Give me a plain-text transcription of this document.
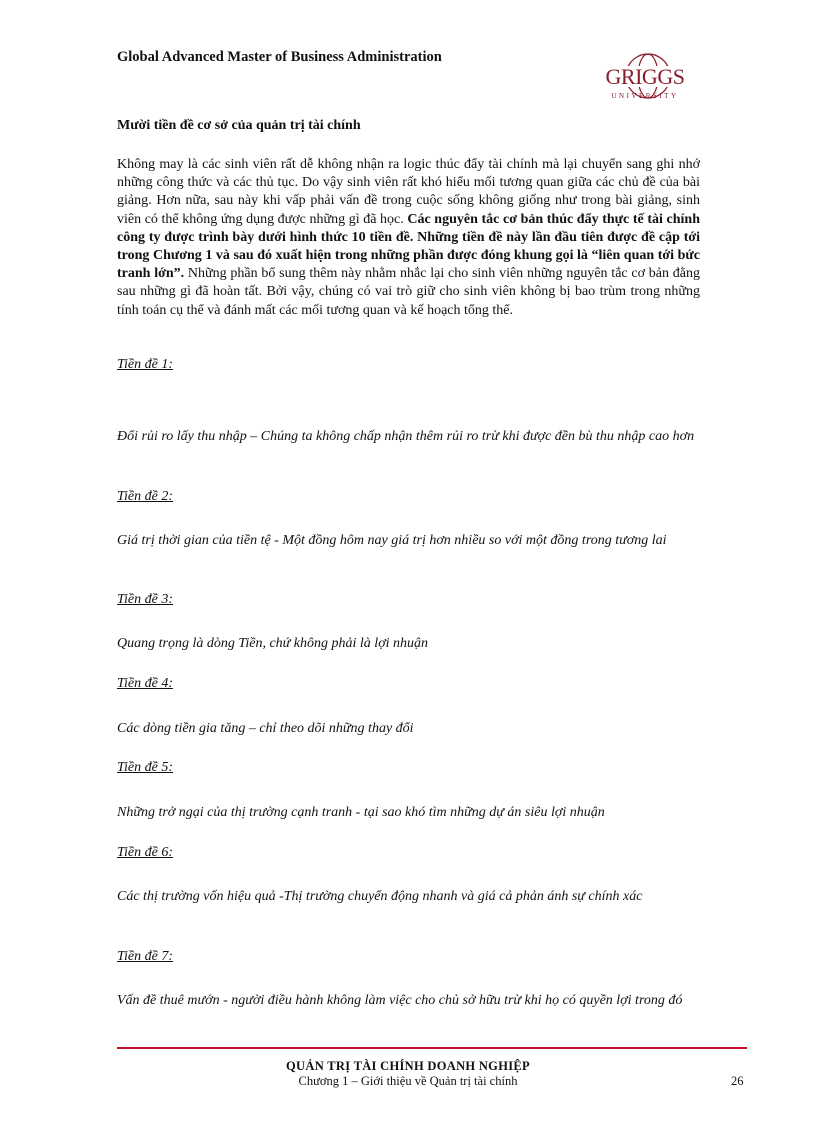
Global Advanced Master of Business Administration
GRIGGS
UNIVERSITY
Mười tiền đề cơ sở của quản trị tài chính

Không may là các sinh viên rất dễ không nhận ra logic thúc đẩy tài chính mà lại chuyển sang ghi nhớ những công thức và các thủ tục. Do vậy sinh viên rất khó hiểu mối tương quan giữa các chủ đề của bài giảng. Hơn nữa, sau này khi vấp phải vấn đề trong cuộc sống không giống như trong bài giảng, sinh viên có thể không ứng dụng được những gì đã học. Các nguyên tắc cơ bản thúc đẩy thực tế tài chính công ty được trình bày dưới hình thức 10 tiền đề. Những tiền đề này lần đầu tiên được đề cập tới trong Chương 1 và sau đó xuất hiện trong những phần được đóng khung gọi là “liên quan tới bức tranh lớn”. Những phần bổ sung thêm này nhằm nhắc lại cho sinh viên những nguyên tắc cơ bản đằng sau những gì đã hoàn tất. Bởi vậy, chúng có vai trò giữ cho sinh viên không bị bao trùm trong những tính toán cụ thể và đánh mất các mối tương quan và kế hoạch tổng thể.

Tiền đề 1:

Đổi rủi ro lấy thu nhập – Chúng ta không chấp nhận thêm rủi ro trừ khi được đền bù thu nhập cao hơn

Tiền đề 2:

Giá trị thời gian của tiền tệ - Một đồng hôm nay giá trị hơn nhiều so với một đồng trong tương lai

Tiền đề 3:

Quang trọng là dòng Tiền, chứ không phải là lợi nhuận

Tiền đề 4:

Các dòng tiền gia tăng – chỉ theo dõi những thay đổi

Tiền đề 5:

Những trở ngại của thị trường cạnh tranh - tại sao khó tìm những dự án siêu lợi nhuận

Tiền đề 6:

Các thị trường vốn hiệu quả -Thị trường chuyển động nhanh và giá cả phản ánh sự chính xác

Tiền đề 7:

Vấn đề thuê mướn - người điều hành không làm việc cho chủ sở hữu trừ khi họ có quyền lợi trong đó

QUẢN TRỊ TÀI CHÍNH DOANH NGHIỆP
Chương 1 – Giới thiệu về Quản trị tài chính	26
